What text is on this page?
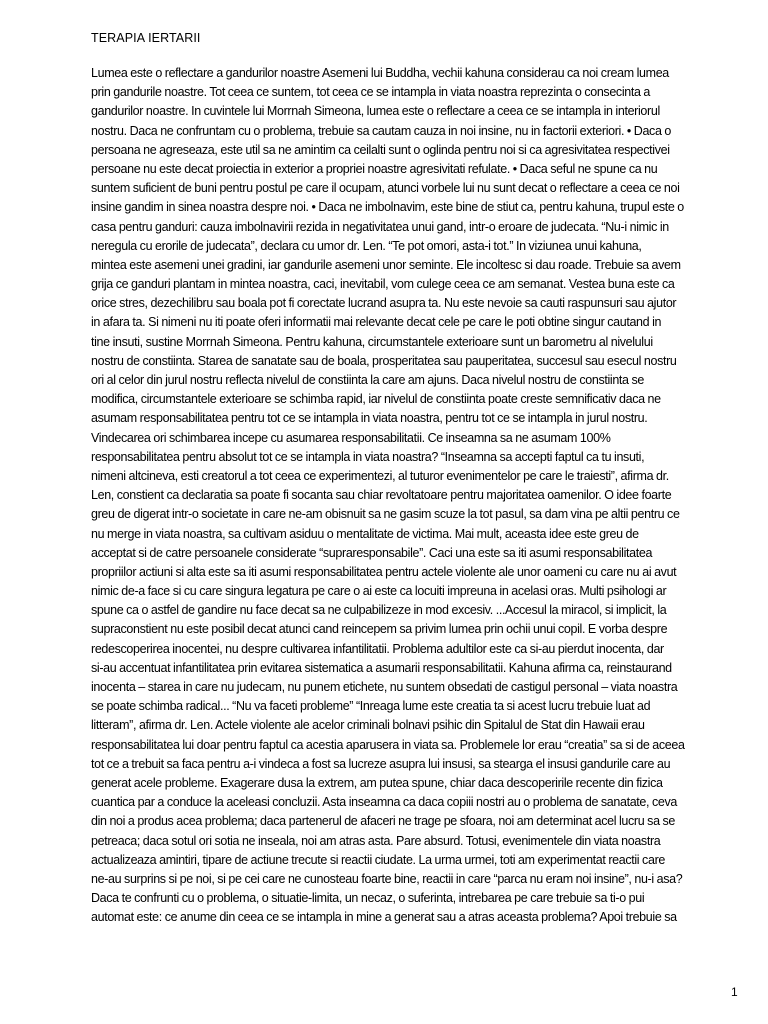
TERAPIA IERTARII
Lumea este o reflectare a gandurilor noastre Asemeni lui Buddha, vechii kahuna considerau ca noi cream lumea
prin gandurile noastre. Tot ceea ce suntem, tot ceea ce se intampla in viata noastra reprezinta o consecinta a
gandurilor noastre. In cuvintele lui Morrnah Simeona, lumea este o reflectare a ceea ce se intampla in interiorul
nostru. Daca ne confruntam cu o problema, trebuie sa cautam cauza in noi insine, nu in factorii exteriori. • Daca o
persoana ne agreseaza, este util sa ne amintim ca ceilalti sunt o oglinda pentru noi si ca agresivitatea respectivei
persoane nu este decat proiectia in exterior a propriei noastre agresivitati refulate. • Daca seful ne spune ca nu
suntem suficient de buni pentru postul pe care il ocupam, atunci vorbele lui nu sunt decat o reflectare a ceea ce noi
insine gandim in sinea noastra despre noi. • Daca ne imbolnavim, este bine de stiut ca, pentru kahuna, trupul este o
casa pentru ganduri: cauza imbolnavirii rezida in negativitatea unui gand, intr-o eroare de judecata. “Nu-i nimic in
neregula cu erorile de judecata”, declara cu umor dr. Len. “Te pot omori, asta-i tot.” In viziunea unui kahuna,
mintea este asemeni unei gradini, iar gandurile asemeni unor seminte. Ele incoltesc si dau roade. Trebuie sa avem
grija ce ganduri plantam in mintea noastra, caci, inevitabil, vom culege ceea ce am semanat. Vestea buna este ca
orice stres, dezechilibru sau boala pot fi corectate lucrand asupra ta. Nu este nevoie sa cauti raspunsuri sau ajutor
in afara ta. Si nimeni nu iti poate oferi informatii mai relevante decat cele pe care le poti obtine singur cautand in
tine insuti, sustine Morrnah Simeona. Pentru kahuna, circumstantele exterioare sunt un barometru al nivelului
nostru de constiinta. Starea de sanatate sau de boala, prosperitatea sau pauperitatea, succesul sau esecul nostru
ori al celor din jurul nostru reflecta nivelul de constiinta la care am ajuns. Daca nivelul nostru de constiinta se
modifica, circumstantele exterioare se schimba rapid, iar nivelul de constiinta poate creste semnificativ daca ne
asumam responsabilitatea pentru tot ce se intampla in viata noastra, pentru tot ce se intampla in jurul nostru.
Vindecarea ori schimbarea incepe cu asumarea responsabilitatii. Ce inseamna sa ne asumam 100%
responsabilitatea pentru absolut tot ce se intampla in viata noastra? “Inseamna sa accepti faptul ca tu insuti,
nimeni altcineva, esti creatorul a tot ceea ce experimentezi, al tuturor evenimentelor pe care le traiesti”, afirma dr.
Len, constient ca declaratia sa poate fi socanta sau chiar revoltatoare pentru majoritatea oamenilor. O idee foarte
greu de digerat intr-o societate in care ne-am obisnuit sa ne gasim scuze la tot pasul, sa dam vina pe altii pentru ce
nu merge in viata noastra, sa cultivam asiduu o mentalitate de victima. Mai mult, aceasta idee este greu de
acceptat si de catre persoanele considerate “supraresponsabile”. Caci una este sa iti asumi responsabilitatea
propriilor actiuni si alta este sa iti asumi responsabilitatea pentru actele violente ale unor oameni cu care nu ai avut
nimic de-a face si cu care singura legatura pe care o ai este ca locuiti impreuna in acelasi oras. Multi psihologi ar
spune ca o astfel de gandire nu face decat sa ne culpabilizeze in mod excesiv. ...Accesul la miracol, si implicit, la
supraconstient nu este posibil decat atunci cand reincepem sa privim lumea prin ochii unui copil. E vorba despre
redescoperirea inocentei, nu despre cultivarea infantilitatii. Problema adultilor este ca si-au pierdut inocenta, dar
si-au accentuat infantilitatea prin evitarea sistematica a asumarii responsabilitatii. Kahuna afirma ca, reinstaurand
inocenta – starea in care nu judecam, nu punem etichete, nu suntem obsedati de castigul personal – viata noastra
se poate schimba radical... “Nu va faceti probleme” “Inreaga lume este creatia ta si acest lucru trebuie luat ad
litteram”, afirma dr. Len. Actele violente ale acelor criminali bolnavi psihic din Spitalul de Stat din Hawaii erau
responsabilitatea lui doar pentru faptul ca acestia aparusera in viata sa. Problemele lor erau “creatia” sa si de aceea
tot ce a trebuit sa faca pentru a-i vindeca a fost sa lucreze asupra lui insusi, sa stearga el insusi gandurile care au
generat acele probleme. Exagerare dusa la extrem, am putea spune, chiar daca descoperirile recente din fizica
cuantica par a conduce la aceleasi concluzii. Asta inseamna ca daca copiii nostri au o problema de sanatate, ceva
din noi a produs acea problema; daca partenerul de afaceri ne trage pe sfoara, noi am determinat acel lucru sa se
petreaca; daca sotul ori sotia ne inseala, noi am atras asta. Pare absurd. Totusi, evenimentele din viata noastra
actualizeaza amintiri, tipare de actiune trecute si reactii ciudate. La urma urmei, toti am experimentat reactii care
ne-au surprins si pe noi, si pe cei care ne cunosteau foarte bine, reactii in care “parca nu eram noi insine”, nu-i asa?
Daca te confrunti cu o problema, o situatie-limita, un necaz, o suferinta, intrebarea pe care trebuie sa ti-o pui
automat este: ce anume din ceea ce se intampla in mine a generat sau a atras aceasta problema? Apoi trebuie sa
1
